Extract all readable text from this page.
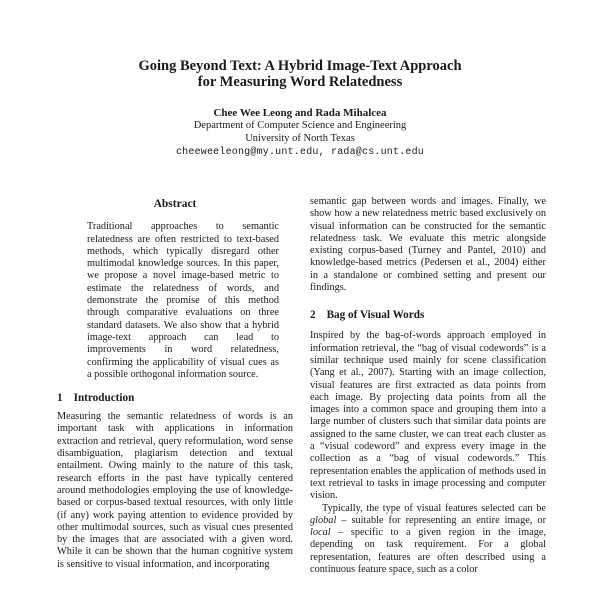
Going Beyond Text: A Hybrid Image-Text Approach
for Measuring Word Relatedness
Chee Wee Leong and Rada Mihalcea
Department of Computer Science and Engineering
University of North Texas
cheeweeleong@my.unt.edu, rada@cs.unt.edu
Abstract

Traditional approaches to semantic relatedness are often restricted to text-based methods, which typically disregard other multimodal knowledge sources. In this paper, we propose a novel image-based metric to estimate the relatedness of words, and demonstrate the promise of this method through comparative evaluations on three standard datasets. We also show that a hybrid image-text approach can lead to improvements in word relatedness, confirming the applicability of visual cues as a possible orthogonal information source.

1 Introduction

Measuring the semantic relatedness of words is an important task with applications in information extraction and retrieval, query reformulation, word sense disambiguation, plagiarism detection and textual entailment. Owing mainly to the nature of this task, research efforts in the past have typically centered around methodologies employing the use of knowledge-based or corpus-based textual resources, with only little (if any) work paying attention to evidence provided by other multimodal sources, such as visual cues presented by the images that are associated with a given word. While it can be shown that the human cognitive system is sensitive to visual information, and incorporating

semantic gap between words and images. Finally, we show how a new relatedness metric based exclusively on visual information can be constructed for the semantic relatedness task. We evaluate this metric alongside existing corpus-based (Turney and Pantel, 2010) and knowledge-based metrics (Pedersen et al., 2004) either in a standalone or combined setting and present our findings.

2 Bag of Visual Words

Inspired by the bag-of-words approach employed in information retrieval, the “bag of visual codewords” is a similar technique used mainly for scene classification (Yang et al., 2007). Starting with an image collection, visual features are first extracted as data points from each image. By projecting data points from all the images into a common space and grouping them into a large number of clusters such that similar data points are assigned to the same cluster, we can treat each cluster as a “visual codeword” and express every image in the collection as a “bag of visual codewords.” This representation enables the application of methods used in text retrieval to tasks in image processing and computer vision.

Typically, the type of visual features selected can be global – suitable for representing an entire image, or local – specific to a given region in the image, depending on task requirement. For a global representation, features are often described using a continuous feature space, such as a color
